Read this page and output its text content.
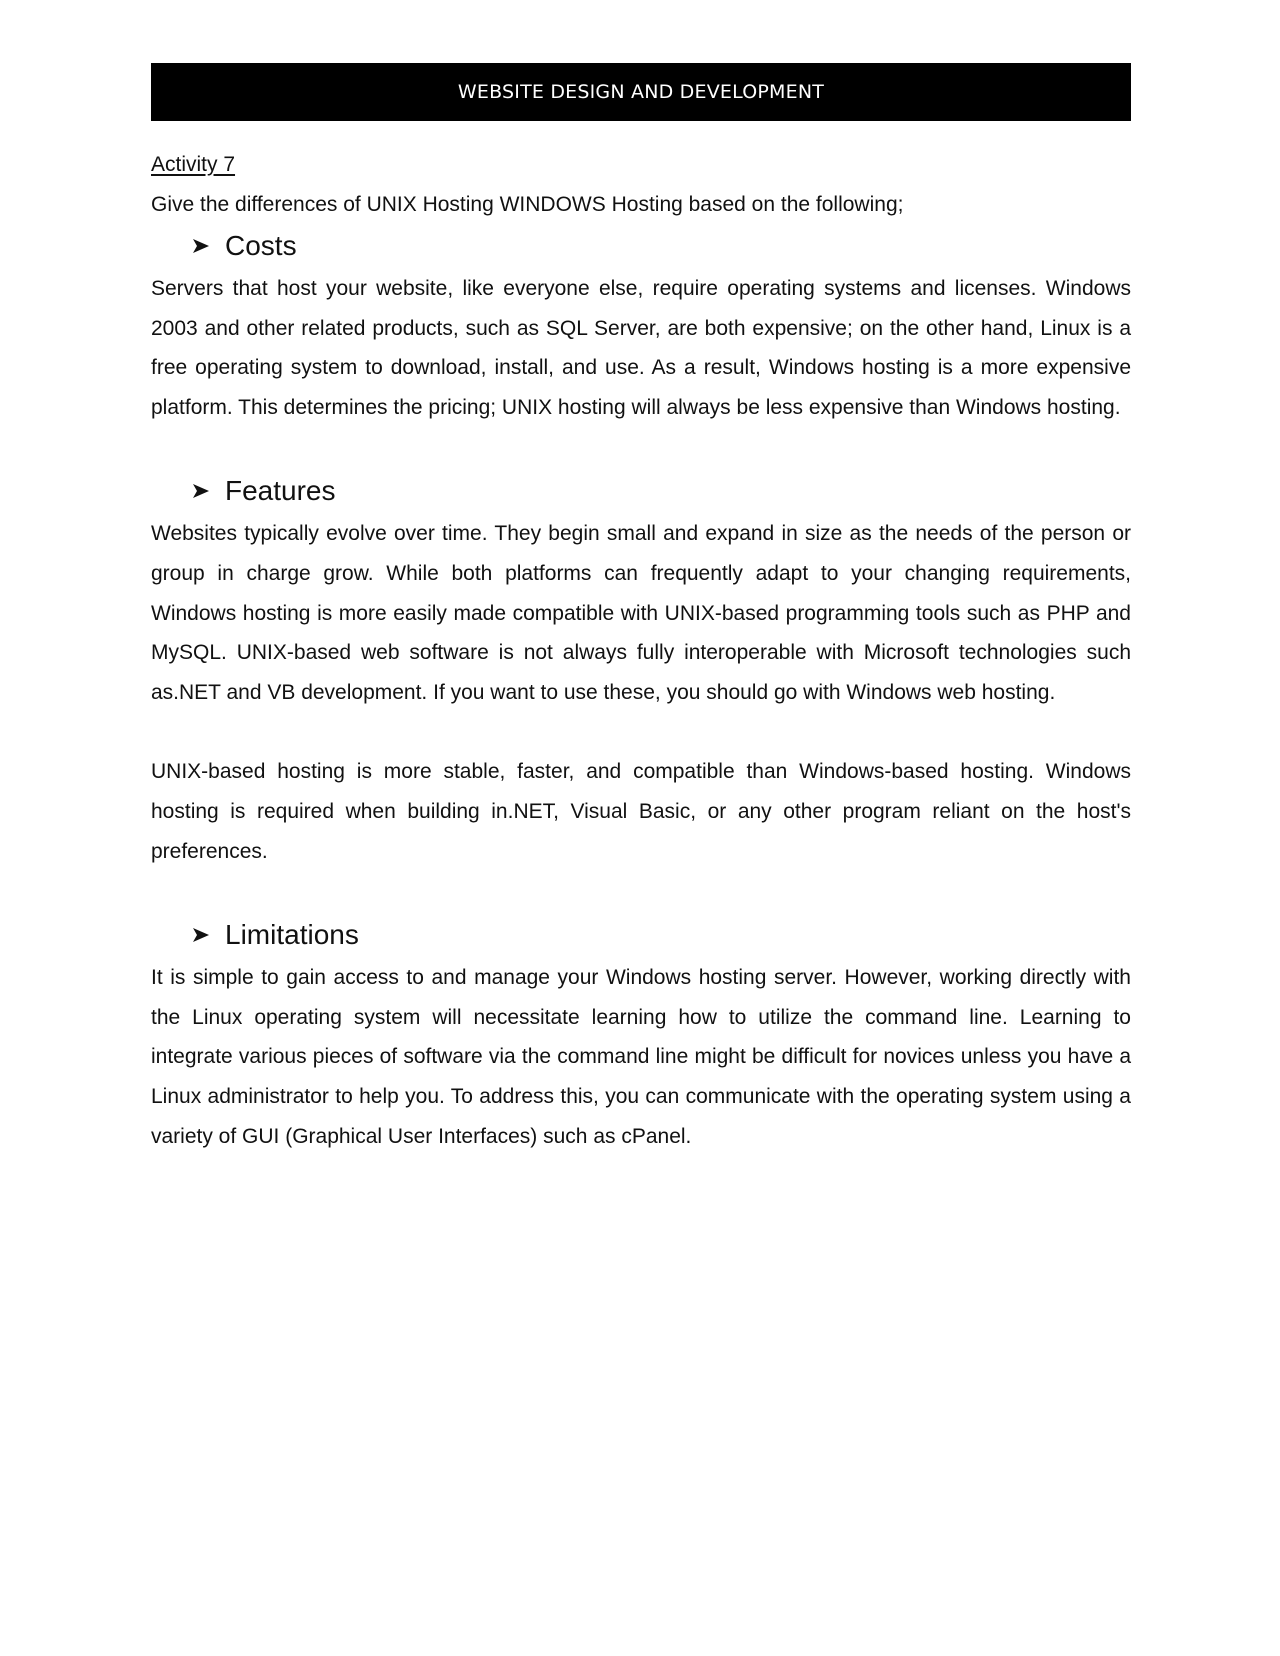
WEBSITE DESIGN AND DEVELOPMENT
Activity 7
Give the differences of UNIX Hosting WINDOWS Hosting based on the following;
Costs

Servers that host your website, like everyone else, require operating systems and licenses. Windows 2003 and other related products, such as SQL Server, are both expensive; on the other hand, Linux is a free operating system to download, install, and use. As a result, Windows hosting is a more expensive platform. This determines the pricing; UNIX hosting will always be less expensive than Windows hosting.

Features

Websites typically evolve over time. They begin small and expand in size as the needs of the person or group in charge grow. While both platforms can frequently adapt to your changing requirements, Windows hosting is more easily made compatible with UNIX-based programming tools such as PHP and MySQL. UNIX-based web software is not always fully interoperable with Microsoft technologies such as.NET and VB development. If you want to use these, you should go with Windows web hosting.

UNIX-based hosting is more stable, faster, and compatible than Windows-based hosting. Windows hosting is required when building in.NET, Visual Basic, or any other program reliant on the host's preferences.

Limitations

It is simple to gain access to and manage your Windows hosting server. However, working directly with the Linux operating system will necessitate learning how to utilize the command line. Learning to integrate various pieces of software via the command line might be difficult for novices unless you have a Linux administrator to help you. To address this, you can communicate with the operating system using a variety of GUI (Graphical User Interfaces) such as cPanel.
